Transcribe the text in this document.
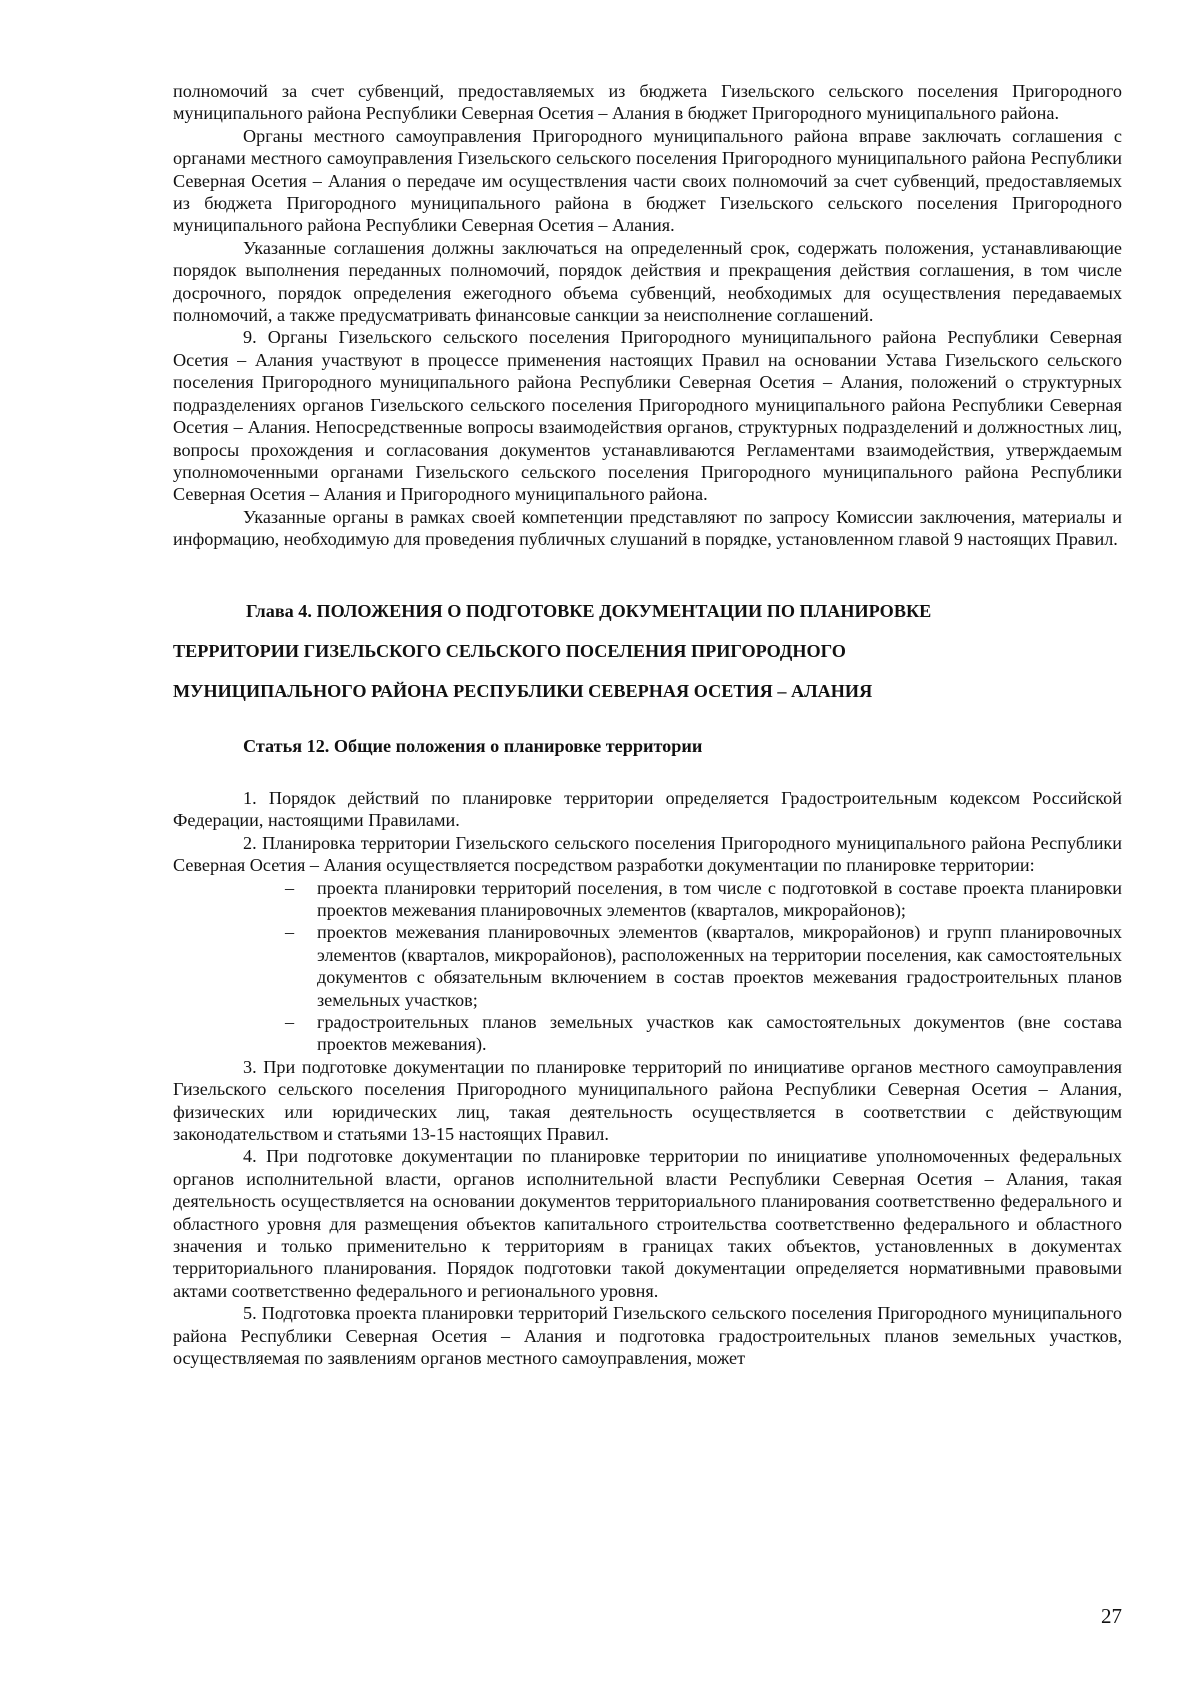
полномочий за счет субвенций, предоставляемых из бюджета Гизельского сельского поселения Пригородного муниципального района Республики Северная Осетия – Алания в бюджет Пригородного муниципального района.

Органы местного самоуправления Пригородного муниципального района вправе заключать соглашения с органами местного самоуправления Гизельского сельского поселения Пригородного муниципального района Республики Северная Осетия – Алания о передаче им осуществления части своих полномочий за счет субвенций, предоставляемых из бюджета Пригородного муниципального района в бюджет Гизельского сельского поселения Пригородного муниципального района Республики Северная Осетия – Алания.

Указанные соглашения должны заключаться на определенный срок, содержать положения, устанавливающие порядок выполнения переданных полномочий, порядок действия и прекращения действия соглашения, в том числе досрочного, порядок определения ежегодного объема субвенций, необходимых для осуществления передаваемых полномочий, а также предусматривать финансовые санкции за неисполнение соглашений.

9. Органы Гизельского сельского поселения Пригородного муниципального района Республики Северная Осетия – Алания участвуют в процессе применения настоящих Правил на основании Устава Гизельского сельского поселения Пригородного муниципального района Республики Северная Осетия – Алания, положений о структурных подразделениях органов Гизельского сельского поселения Пригородного муниципального района Республики Северная Осетия – Алания. Непосредственные вопросы взаимодействия органов, структурных подразделений и должностных лиц, вопросы прохождения и согласования документов устанавливаются Регламентами взаимодействия, утверждаемым уполномоченными органами Гизельского сельского поселения Пригородного муниципального района Республики Северная Осетия – Алания и Пригородного муниципального района.

Указанные органы в рамках своей компетенции представляют по запросу Комиссии заключения, материалы и информацию, необходимую для проведения публичных слушаний в порядке, установленном главой 9 настоящих Правил.

Глава 4. ПОЛОЖЕНИЯ О ПОДГОТОВКЕ ДОКУМЕНТАЦИИ ПО ПЛАНИРОВКЕ
ТЕРРИТОРИИ ГИЗЕЛЬСКОГО СЕЛЬСКОГО ПОСЕЛЕНИЯ ПРИГОРОДНОГО
МУНИЦИПАЛЬНОГО РАЙОНА РЕСПУБЛИКИ СЕВЕРНАЯ ОСЕТИЯ – АЛАНИЯ
Статья 12. Общие положения о планировке территории

1. Порядок действий по планировке территории определяется Градостроительным кодексом Российской Федерации, настоящими Правилами.

2. Планировка территории Гизельского сельского поселения Пригородного муниципального района Республики Северная Осетия – Алания осуществляется посредством разработки документации по планировке территории:

– проекта планировки территорий поселения, в том числе с подготовкой в составе проекта планировки проектов межевания планировочных элементов (кварталов, микрорайонов);
– проектов межевания планировочных элементов (кварталов, микрорайонов) и групп планировочных элементов (кварталов, микрорайонов), расположенных на территории поселения, как самостоятельных документов с обязательным включением в состав проектов межевания градостроительных планов земельных участков;
– градостроительных планов земельных участков как самостоятельных документов (вне состава проектов межевания).

3. При подготовке документации по планировке территорий по инициативе органов местного самоуправления Гизельского сельского поселения Пригородного муниципального района Республики Северная Осетия – Алания, физических или юридических лиц, такая деятельность осуществляется в соответствии с действующим законодательством и статьями 13-15 настоящих Правил.

4. При подготовке документации по планировке территории по инициативе уполномоченных федеральных органов исполнительной власти, органов исполнительной власти Республики Северная Осетия – Алания, такая деятельность осуществляется на основании документов территориального планирования соответственно федерального и областного уровня для размещения объектов капитального строительства соответственно федерального и областного значения и только применительно к территориям в границах таких объектов, установленных в документах территориального планирования. Порядок подготовки такой документации определяется нормативными правовыми актами соответственно федерального и регионального уровня.

5. Подготовка проекта планировки территорий Гизельского сельского поселения Пригородного муниципального района Республики Северная Осетия – Алания и подготовка градостроительных планов земельных участков, осуществляемая по заявлениям органов местного самоуправления, может

27
